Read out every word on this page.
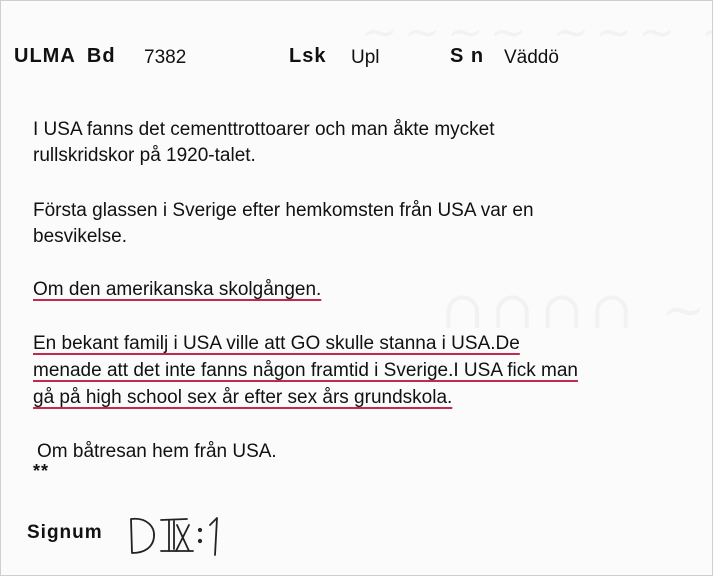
ULMA Bd 7382	Lsk Upl	S n Väddö
I USA fanns det cementtrottoarer och man åkte mycket
rullskridskor på 1920-talet.
Första glassen i Sverige efter hemkomsten från USA var en
besvikelse.
Om den amerikanska skolgången.
En bekant familj i USA ville att GO skulle stanna i USA.De
menade att det inte fanns någon framtid i Sverige.I USA fick man
gå på high school sex år efter sex års grundskola.
Om båtresan hem från USA.
**
Signum
